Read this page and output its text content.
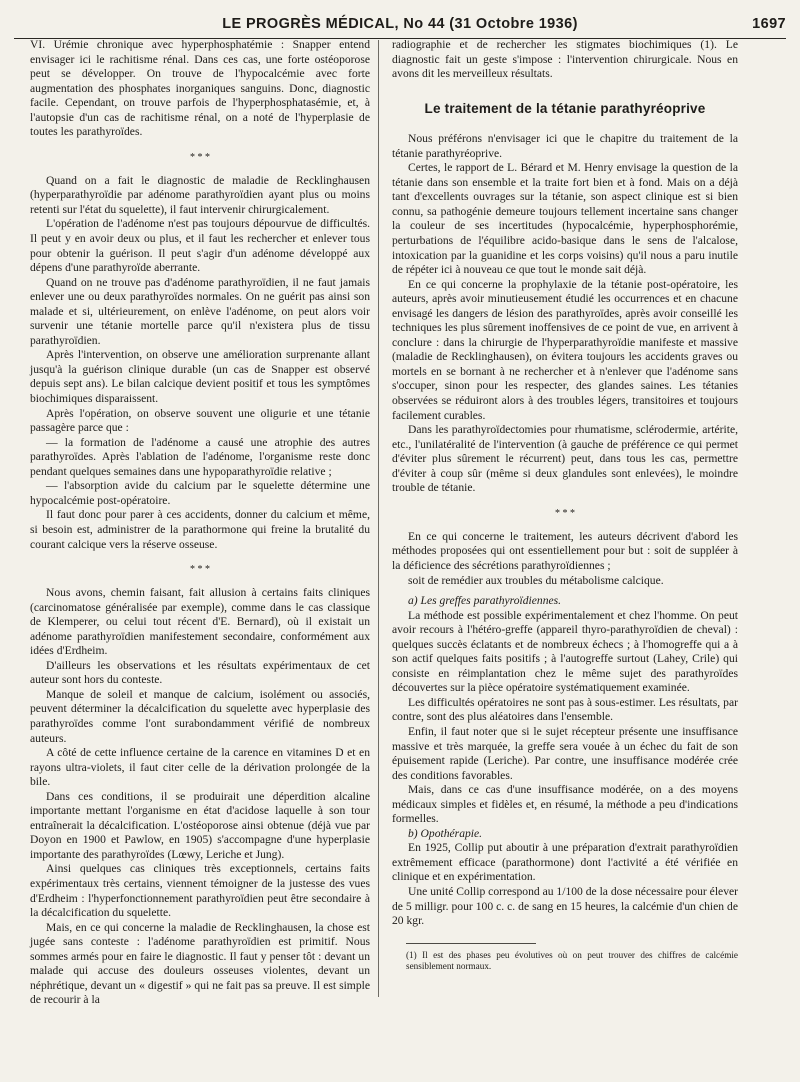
LE PROGRÈS MÉDICAL, No 44 (31 Octobre 1936)	1697

VI. Urémie chronique avec hyperphosphatémie : Snapper entend envisager ici le rachitisme rénal. Dans ces cas, une forte ostéoporose peut se développer. On trouve de l'hypocalcémie avec forte augmentation des phosphates inorganiques sanguins. Donc, diagnostic facile. Cependant, on trouve parfois de l'hyperphosphatasémie, et, à l'autopsie d'un cas de rachitisme rénal, on a noté de l'hyperplasie de toutes les parathyroïdes.

* * *

Quand on a fait le diagnostic de maladie de Recklinghausen (hyperparathyroïdie par adénome parathyroïdien ayant plus ou moins retenti sur l'état du squelette), il faut intervenir chirurgicalement.

L'opération de l'adénome n'est pas toujours dépourvue de difficultés. Il peut y en avoir deux ou plus, et il faut les rechercher et enlever tous pour obtenir la guérison. Il peut s'agir d'un adénome développé aux dépens d'une parathyroïde aberrante.

Quand on ne trouve pas d'adénome parathyroïdien, il ne faut jamais enlever une ou deux parathyroïdes normales. On ne guérit pas ainsi son malade et si, ultérieurement, on enlève l'adénome, on peut alors voir survenir une tétanie mortelle parce qu'il n'existera plus de tissu parathyroïdien.

Après l'intervention, on observe une amélioration surprenante allant jusqu'à la guérison clinique durable (un cas de Snapper est observé depuis sept ans). Le bilan calcique devient positif et tous les symptômes biochimiques disparaissent.

Après l'opération, on observe souvent une oligurie et une tétanie passagère parce que :

— la formation de l'adénome a causé une atrophie des autres parathyroïdes. Après l'ablation de l'adénome, l'organisme reste donc pendant quelques semaines dans une hypoparathyroïdie relative ;

— l'absorption avide du calcium par le squelette détermine une hypocalcémie post-opératoire.

Il faut donc pour parer à ces accidents, donner du calcium et même, si besoin est, administrer de la parathormone qui freine la brutalité du courant calcique vers la réserve osseuse.

* * *

Nous avons, chemin faisant, fait allusion à certains faits cliniques (carcinomatose généralisée par exemple), comme dans le cas classique de Klemperer, ou celui tout récent d'E. Bernard), où il existait un adénome parathyroïdien manifestement secondaire, conformément aux idées d'Erdheim.

D'ailleurs les observations et les résultats expérimentaux de cet auteur sont hors du conteste.

Manque de soleil et manque de calcium, isolément ou associés, peuvent déterminer la décalcification du squelette avec hyperplasie des parathyroïdes comme l'ont surabondamment vérifié de nombreux auteurs.

A côté de cette influence certaine de la carence en vitamines D et en rayons ultra-violets, il faut citer celle de la dérivation prolongée de la bile.

Dans ces conditions, il se produirait une déperdition alcaline importante mettant l'organisme en état d'acidose laquelle à son tour entraînerait la décalcification. L'ostéoporose ainsi obtenue (déjà vue par Doyon en 1900 et Pawlow, en 1905) s'accompagne d'une hyperplasie importante des parathyroïdes (Lœwy, Leriche et Jung).

Ainsi quelques cas cliniques très exceptionnels, certains faits expérimentaux très certains, viennent témoigner de la justesse des vues d'Erdheim : l'hyperfonctionnement parathyroïdien peut être secondaire à la décalcification du squelette.

Mais, en ce qui concerne la maladie de Recklinghausen, la chose est jugée sans conteste : l'adénome parathyroïdien est primitif. Nous sommes armés pour en faire le diagnostic. Il faut y penser tôt : devant un malade qui accuse des douleurs osseuses violentes, devant un néphrétique, devant un « digestif » qui ne fait pas sa preuve. Il est simple de recourir à la

radiographie et de rechercher les stigmates biochimiques (1). Le diagnostic fait un geste s'impose : l'intervention chirurgicale. Nous en avons dit les merveilleux résultats.

Le traitement de la tétanie parathyréoprive

Nous préférons n'envisager ici que le chapitre du traitement de la tétanie parathyréoprive.

Certes, le rapport de L. Bérard et M. Henry envisage la question de la tétanie dans son ensemble et la traite fort bien et à fond. Mais on a déjà tant d'excellents ouvrages sur la tétanie, son aspect clinique est si bien connu, sa pathogénie demeure toujours tellement incertaine sans changer la couleur de ses incertitudes (hypocalcémie, hyperphosphorémie, perturbations de l'équilibre acido-basique dans le sens de l'alcalose, intoxication par la guanidine et les corps voisins) qu'il nous a paru inutile de répéter ici à nouveau ce que tout le monde sait déjà.

En ce qui concerne la prophylaxie de la tétanie post-opératoire, les auteurs, après avoir minutieusement étudié les occurrences et en chacune envisagé les dangers de lésion des parathyroïdes, après avoir conseillé les techniques les plus sûrement inoffensives de ce point de vue, en arrivent à conclure : dans la chirurgie de l'hyperparathyroïdie manifeste et massive (maladie de Recklinghausen), on évitera toujours les accidents graves ou mortels en se bornant à ne rechercher et à n'enlever que l'adénome sans s'occuper, sinon pour les respecter, des glandes saines. Les tétanies observées se réduiront alors à des troubles légers, transitoires et toujours facilement curables.

Dans les parathyroïdectomies pour rhumatisme, sclérodermie, artérite, etc., l'unilatéralité de l'intervention (à gauche de préférence ce qui permet d'éviter plus sûrement le récurrent) peut, dans tous les cas, permettre d'éviter à coup sûr (même si deux glandules sont enlevées), le moindre trouble de tétanie.

* * *

En ce qui concerne le traitement, les auteurs décrivent d'abord les méthodes proposées qui ont essentiellement pour but : soit de suppléer à la déficience des sécrétions parathyroïdiennes ;

soit de remédier aux troubles du métabolisme calcique.

a) Les greffes parathyroïdiennes.

La méthode est possible expérimentalement et chez l'homme. On peut avoir recours à l'hétéro-greffe (appareil thyro-parathyroïdien de cheval) : quelques succès éclatants et de nombreux échecs ; à l'homogreffe qui a à son actif quelques faits positifs ; à l'autogreffe surtout (Lahey, Crile) qui consiste en réimplantation chez le même sujet des parathyroïdes découvertes sur la pièce opératoire systématiquement examinée.

Les difficultés opératoires ne sont pas à sous-estimer. Les résultats, par contre, sont des plus aléatoires dans l'ensemble.

Enfin, il faut noter que si le sujet récepteur présente une insuffisance massive et très marquée, la greffe sera vouée à un échec du fait de son épuisement rapide (Leriche). Par contre, une insuffisance modérée crée des conditions favorables.

Mais, dans ce cas d'une insuffisance modérée, on a des moyens médicaux simples et fidèles et, en résumé, la méthode a peu d'indications formelles.

b) Opothérapie.

En 1925, Collip put aboutir à une préparation d'extrait parathyroïdien extrêmement efficace (parathormone) dont l'activité a été vérifiée en clinique et en expérimentation.

Une unité Collip correspond au 1/100 de la dose nécessaire pour élever de 5 milligr. pour 100 c. c. de sang en 15 heures, la calcémie d'un chien de 20 kgr.

(1) Il est des phases peu évolutives où on peut trouver des chiffres de calcémie sensiblement normaux.
